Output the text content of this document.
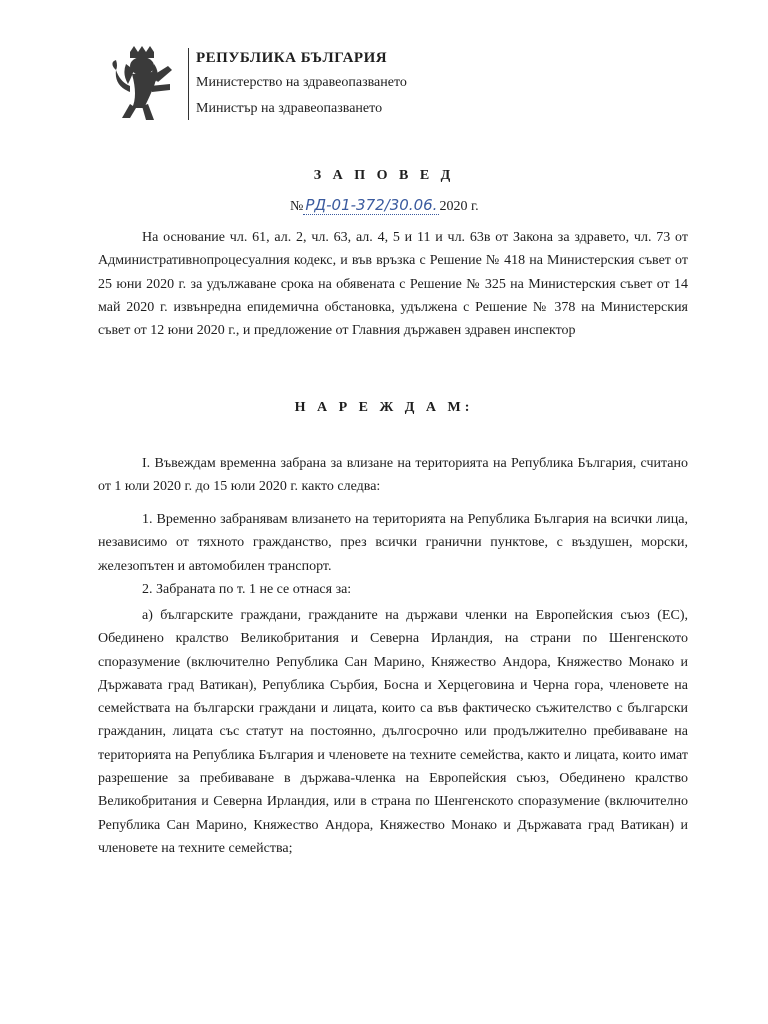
РЕПУБЛИКА БЪЛГАРИЯ
Министерство на здравеопазването
Министър на здравеопазването
З А П О В Е Д
№ РД-01-372/30.06. 2020 г.
На основание чл. 61, ал. 2, чл. 63, ал. 4, 5 и 11 и чл. 63в от Закона за здравето, чл. 73 от Административнопроцесуалния кодекс, и във връзка с Решение № 418 на Министерския съвет от 25 юни 2020 г. за удължаване срока на обявената с Решение № 325 на Министерския съвет от 14 май 2020 г. извънредна епидемична обстановка, удължена с Решение № 378 на Министерския съвет от 12 юни 2020 г., и предложение от Главния държавен здравен инспектор
Н А Р Е Ж Д А М:
I. Въвеждам временна забрана за влизане на територията на Република България, считано от 1 юли 2020 г. до 15 юли 2020 г. както следва:
1. Временно забранявам влизането на територията на Република България на всички лица, независимо от тяхното гражданство, през всички гранични пунктове, с въздушен, морски, железопътен и автомобилен транспорт.
2. Забраната по т. 1 не се отнася за:
а) българските граждани, гражданите на държави членки на Европейския съюз (ЕС), Обединено кралство Великобритания и Северна Ирландия, на страни по Шенгенското споразумение (включително Република Сан Марино, Княжество Андора, Княжество Монако и Държавата град Ватикан), Република Сърбия, Босна и Херцеговина и Черна гора, членовете на семействата на български граждани и лицата, които са във фактическо съжителство с български гражданин, лицата със статут на постоянно, дългосрочно или продължително пребиваване на територията на Република България и членовете на техните семейства, както и лицата, които имат разрешение за пребиваване в държава-членка на Европейския съюз, Обединено кралство Великобритания и Северна Ирландия, или в страна по Шенгенското споразумение (включително Република Сан Марино, Княжество Андора, Княжество Монако и Държавата град Ватикан) и членовете на техните семейства;
